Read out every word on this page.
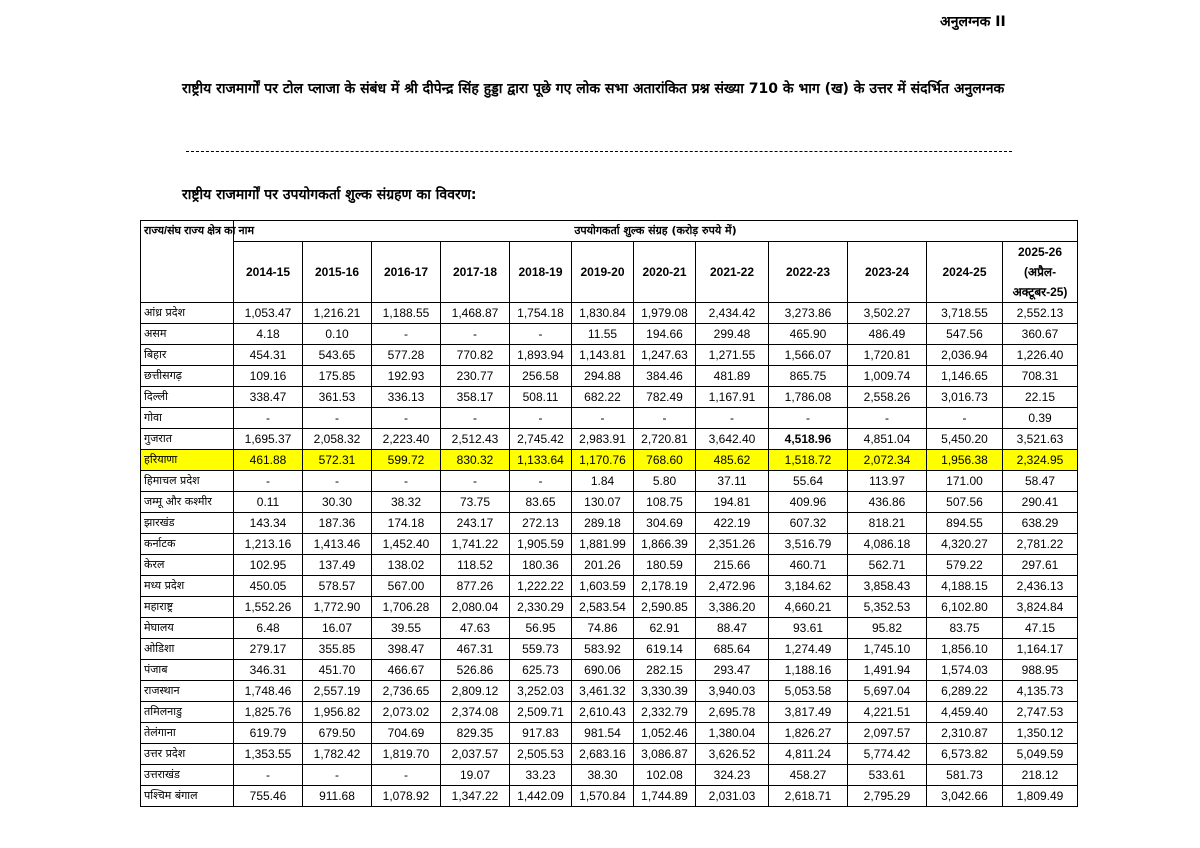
अनुलग्नक II
राष्ट्रीय राजमार्गों पर टोल प्लाजा के संबंध में श्री दीपेन्द्र सिंह हुड्डा द्वारा पूछे गए लोक सभा अतारांकित प्रश्न संख्या 710 के भाग (ख) के उत्तर में संदर्भित अनुलग्नक
राष्ट्रीय राजमार्गों पर उपयोगकर्ता शुल्क संग्रहण का विवरण:
राज्य/संघ राज्य क्षेत्र का नाम	उपयोगकर्ता शुल्क संग्रह (करोड़ रुपये में)											
	2014-15	2015-16	2016-17	2017-18	2018-19	2019-20	2020-21	2021-22	2022-23	2023-24	2024-25	2025-26
(अप्रैल-
अक्टूबर-25)

आंध्र प्रदेश	1,053.47	1,216.21	1,188.55	1,468.87	1,754.18	1,830.84	1,979.08	2,434.42	3,273.86	3,502.27	3,718.55	2,552.13
असम	4.18	0.10	-	-	-	11.55	194.66	299.48	465.90	486.49	547.56	360.67
बिहार	454.31	543.65	577.28	770.82	1,893.94	1,143.81	1,247.63	1,271.55	1,566.07	1,720.81	2,036.94	1,226.40
छत्तीसगढ़	109.16	175.85	192.93	230.77	256.58	294.88	384.46	481.89	865.75	1,009.74	1,146.65	708.31
दिल्ली	338.47	361.53	336.13	358.17	508.11	682.22	782.49	1,167.91	1,786.08	2,558.26	3,016.73	22.15
गोवा	-	-	-	-	-	-	-	-	-	-	-	0.39
गुजरात	1,695.37	2,058.32	2,223.40	2,512.43	2,745.42	2,983.91	2,720.81	3,642.40	4,518.96	4,851.04	5,450.20	3,521.63
हरियाणा	461.88	572.31	599.72	830.32	1,133.64	1,170.76	768.60	485.62	1,518.72	2,072.34	1,956.38	2,324.95
हिमाचल प्रदेश	-	-	-	-	-	1.84	5.80	37.11	55.64	113.97	171.00	58.47
जम्मू और कश्मीर	0.11	30.30	38.32	73.75	83.65	130.07	108.75	194.81	409.96	436.86	507.56	290.41
झारखंड	143.34	187.36	174.18	243.17	272.13	289.18	304.69	422.19	607.32	818.21	894.55	638.29
कर्नाटक	1,213.16	1,413.46	1,452.40	1,741.22	1,905.59	1,881.99	1,866.39	2,351.26	3,516.79	4,086.18	4,320.27	2,781.22
केरल	102.95	137.49	138.02	118.52	180.36	201.26	180.59	215.66	460.71	562.71	579.22	297.61
मध्य प्रदेश	450.05	578.57	567.00	877.26	1,222.22	1,603.59	2,178.19	2,472.96	3,184.62	3,858.43	4,188.15	2,436.13
महाराष्ट्र	1,552.26	1,772.90	1,706.28	2,080.04	2,330.29	2,583.54	2,590.85	3,386.20	4,660.21	5,352.53	6,102.80	3,824.84
मेघालय	6.48	16.07	39.55	47.63	56.95	74.86	62.91	88.47	93.61	95.82	83.75	47.15
ओडिशा	279.17	355.85	398.47	467.31	559.73	583.92	619.14	685.64	1,274.49	1,745.10	1,856.10	1,164.17
पंजाब	346.31	451.70	466.67	526.86	625.73	690.06	282.15	293.47	1,188.16	1,491.94	1,574.03	988.95
राजस्थान	1,748.46	2,557.19	2,736.65	2,809.12	3,252.03	3,461.32	3,330.39	3,940.03	5,053.58	5,697.04	6,289.22	4,135.73
तमिलनाडु	1,825.76	1,956.82	2,073.02	2,374.08	2,509.71	2,610.43	2,332.79	2,695.78	3,817.49	4,221.51	4,459.40	2,747.53
तेलंगाना	619.79	679.50	704.69	829.35	917.83	981.54	1,052.46	1,380.04	1,826.27	2,097.57	2,310.87	1,350.12
उत्तर प्रदेश	1,353.55	1,782.42	1,819.70	2,037.57	2,505.53	2,683.16	3,086.87	3,626.52	4,811.24	5,774.42	6,573.82	5,049.59
उत्तराखंड	-	-	-	19.07	33.23	38.30	102.08	324.23	458.27	533.61	581.73	218.12
पश्चिम बंगाल	755.46	911.68	1,078.92	1,347.22	1,442.09	1,570.84	1,744.89	2,031.03	2,618.71	2,795.29	3,042.66	1,809.49
